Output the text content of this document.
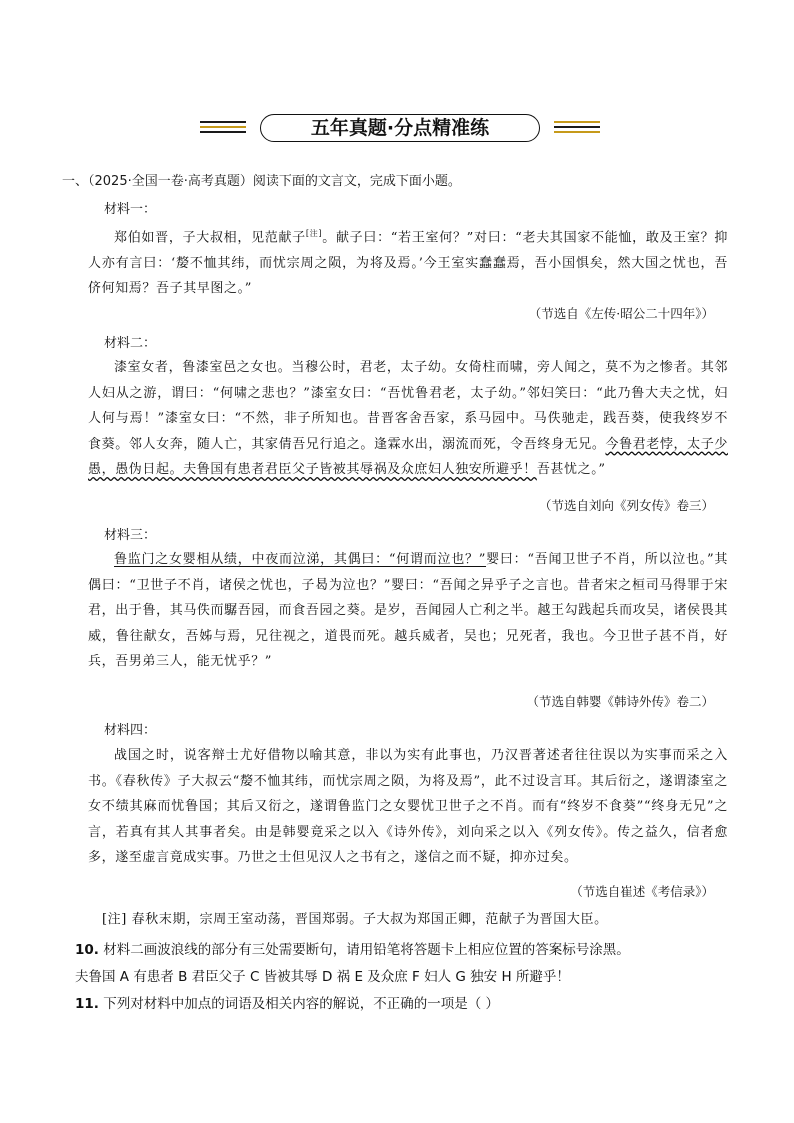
五年真题·分点精准练
一、（2025·全国一卷·高考真题）阅读下面的文言文，完成下面小题。
材料一：
郑伯如晋，子大叔相，见范献子[注]。献子曰：“若王室何？”对曰：“老夫其国家不能恤，敢及王室？抑人亦有言曰：‘嫠不恤其纬，而忧宗周之陨，为将及焉。’今王室实蠢蠢焉，吾小国惧矣，然大国之忧也，吾侪何知焉？吾子其早图之。”
（节选自《左传·昭公二十四年》）
材料二：
漆室女者，鲁漆室邑之女也。当穆公时，君老，太子幼。女倚柱而啸，旁人闻之，莫不为之惨者。其邻人妇从之游，谓曰：“何啸之悲也？”漆室女曰：“吾忧鲁君老，太子幼。”邻妇笑曰：“此乃鲁大夫之忧，妇人何与焉！”漆室女曰：“不然，非子所知也。昔晋客舍吾家，系马园中。马佚驰走，践吾葵，使我终岁不食葵。邻人女奔，随人亡，其家倩吾兄行追之。逢霖水出，溺流而死，令吾终身无兄。今鲁君老悖，太子少愚，愚伪日起。夫鲁国有患者君臣父子皆被其辱祸及众庶妇人独安所避乎！吾甚忧之。”
（节选自刘向《列女传》卷三）
材料三：
鲁监门之女婴相从绩，中夜而泣涕，其偶曰：“何谓而泣也？”婴曰：“吾闻卫世子不肖，所以泣也。”其偶曰：“卫世子不肖，诸侯之忧也，子曷为泣也？”婴曰：“吾闻之异乎子之言也。昔者宋之桓司马得罪于宋君，出于鲁，其马佚而驏吾园，而食吾园之葵。是岁，吾闻园人亡利之半。越王勾践起兵而攻吴，诸侯畏其威，鲁往献女，吾姊与焉，兄往视之，道畏而死。越兵威者，吴也；兄死者，我也。今卫世子甚不肖，好兵，吾男弟三人，能无忧乎？”
（节选自韩婴《韩诗外传》卷二）
材料四：
战国之时，说客辩士尤好借物以喻其意，非以为实有此事也，乃汉晋著述者往往误以为实事而采之入书。《春秋传》子大叔云“嫠不恤其纬，而忧宗周之陨，为将及焉”，此不过设言耳。其后衍之，遂谓漆室之女不绩其麻而忧鲁国；其后又衍之，遂谓鲁监门之女婴忧卫世子之不肖。而有“终岁不食葵”“终身无兄”之言，若真有其人其事者矣。由是韩婴竟采之以入《诗外传》，刘向采之以入《列女传》。传之益久，信者愈多，遂至虚言竟成实事。乃世之士但见汉人之书有之，遂信之而不疑，抑亦过矣。
（节选自崔述《考信录》）
[注] 春秋末期，宗周王室动荡，晋国郑弱。子大叔为郑国正卿，范献子为晋国大臣。
10. 材料二画波浪线的部分有三处需要断句，请用铅笔将答题卡上相应位置的答案标号涂黑。
夫鲁国 A 有患者 B 君臣父子 C 皆被其辱 D 祸 E 及众庶 F 妇人 G 独安 H 所避乎！
11. 下列对材料中加点的词语及相关内容的解说，不正确的一项是（ ）
